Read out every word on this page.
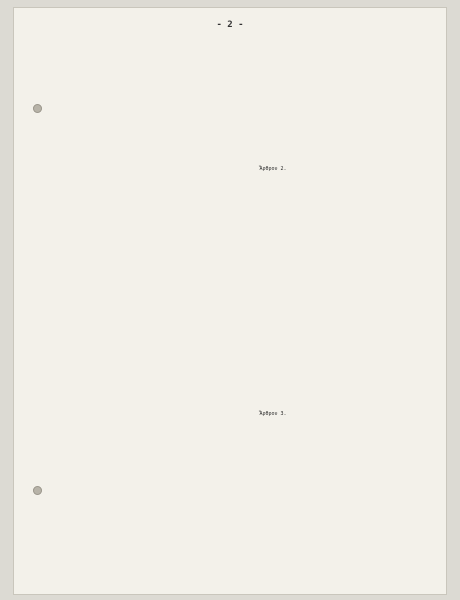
- 2 -

Ἄρθρον 2.

Ἄρθρον 3.
